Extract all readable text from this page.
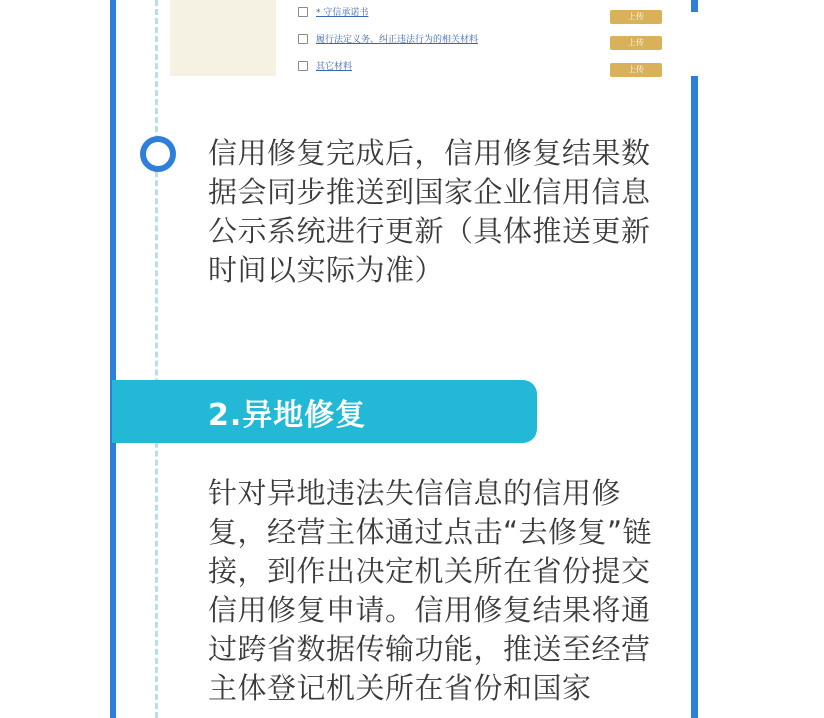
* 守信承诺书	上传
履行法定义务、纠正违法行为的相关材料	上传
其它材料	上传
信用修复完成后，信用修复结果数据会同步推送到国家企业信用信息公示系统进行更新（具体推送更新时间以实际为准）
2.异地修复
针对异地违法失信信息的信用修复，经营主体通过点击“去修复”链接，到作出决定机关所在省份提交信用修复申请。信用修复结果将通过跨省数据传输功能，推送至经营主体登记机关所在省份和国家
